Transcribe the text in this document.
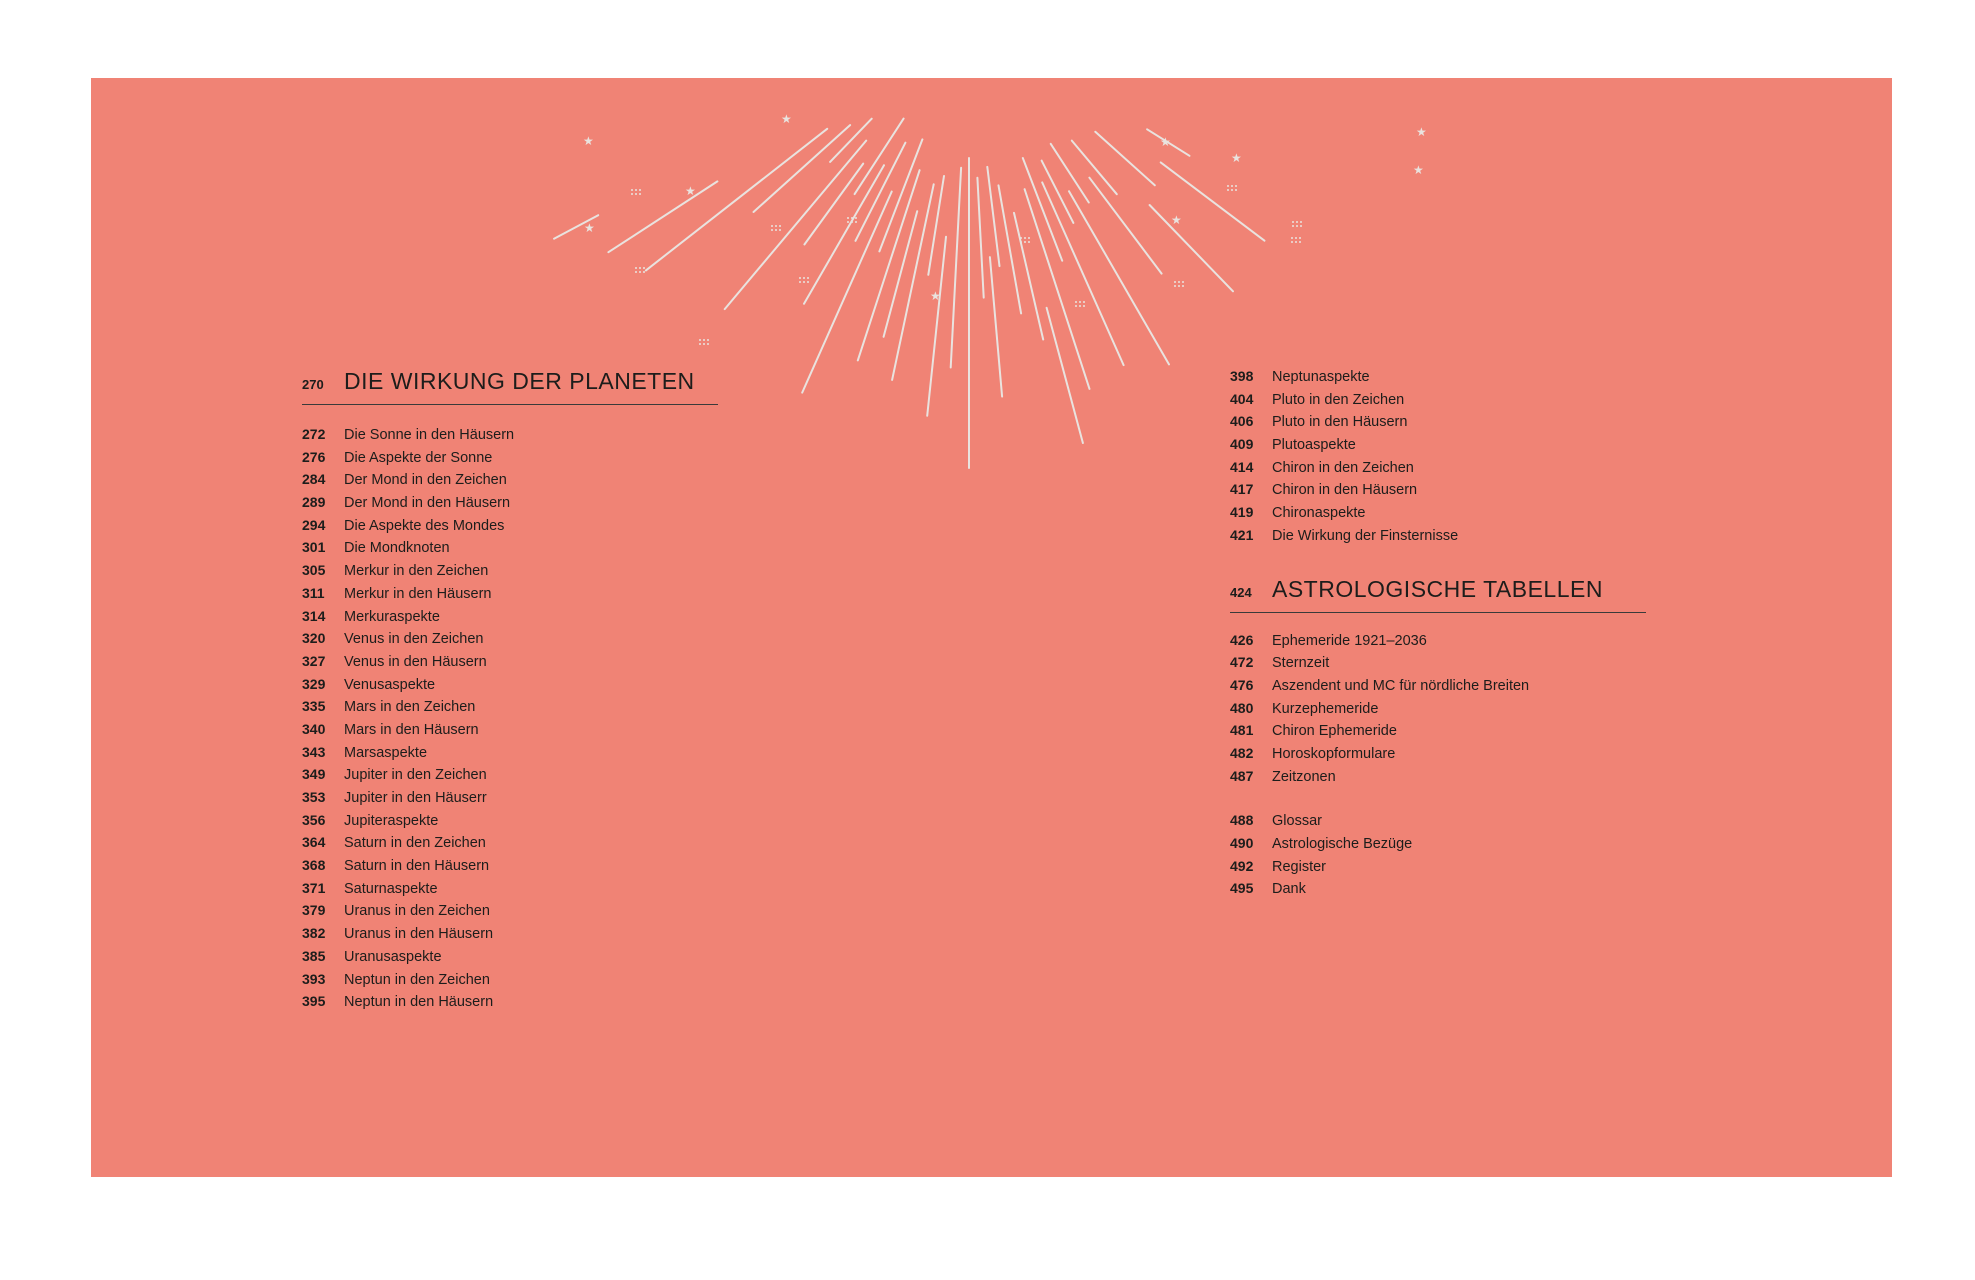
★
★
★
★
★
★
★
★
★
★
270 DIE WIRKUNG DER PLANETEN
272	Die Sonne in den Häusern
276	Die Aspekte der Sonne
284	Der Mond in den Zeichen
289	Der Mond in den Häusern
294	Die Aspekte des Mondes
301	Die Mondknoten
305	Merkur in den Zeichen
311	Merkur in den Häusern
314	Merkuraspekte
320	Venus in den Zeichen
327	Venus in den Häusern
329	Venusaspekte
335	Mars in den Zeichen
340	Mars in den Häusern
343	Marsaspekte
349	Jupiter in den Zeichen
353	Jupiter in den Häuserr
356	Jupiteraspekte
364	Saturn in den Zeichen
368	Saturn in den Häusern
371	Saturnaspekte
379	Uranus in den Zeichen
382	Uranus in den Häusern
385	Uranusaspekte
393	Neptun in den Zeichen
395	Neptun in den Häusern
398	Neptunaspekte
404	Pluto in den Zeichen
406	Pluto in den Häusern
409	Plutoaspekte
414	Chiron in den Zeichen
417	Chiron in den Häusern
419	Chironaspekte
421	Die Wirkung der Finsternisse
424 ASTROLOGISCHE TABELLEN
426	Ephemeride 1921–2036
472	Sternzeit
476	Aszendent und MC für nördliche Breiten
480	Kurzephemeride
481	Chiron Ephemeride
482	Horoskopformulare
487	Zeitzonen
488	Glossar
490	Astrologische Bezüge
492	Register
495	Dank
